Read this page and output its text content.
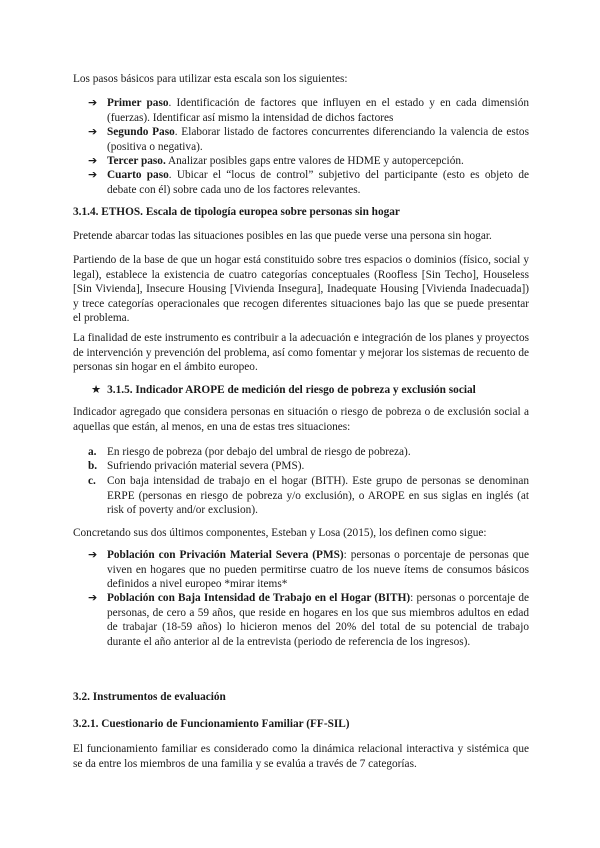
Los pasos básicos para utilizar esta escala son los siguientes:

➔ Primer paso. Identificación de factores que influyen en el estado y en cada dimensión (fuerzas). Identificar así mismo la intensidad de dichos factores
➔ Segundo Paso. Elaborar listado de factores concurrentes diferenciando la valencia de estos (positiva o negativa).
➔ Tercer paso. Analizar posibles gaps entre valores de HDME y autopercepción.
➔ Cuarto paso. Ubicar el “locus de control” subjetivo del participante (esto es objeto de debate con él) sobre cada uno de los factores relevantes.

3.1.4. ETHOS. Escala de tipología europea sobre personas sin hogar

Pretende abarcar todas las situaciones posibles en las que puede verse una persona sin hogar.

Partiendo de la base de que un hogar está constituido sobre tres espacios o dominios (físico, social y legal), establece la existencia de cuatro categorías conceptuales (Roofless [Sin Techo], Houseless [Sin Vivienda], Insecure Housing [Vivienda Insegura], Inadequate Housing [Vivienda Inadecuada]) y trece categorías operacionales que recogen diferentes situaciones bajo las que se puede presentar el problema.

La finalidad de este instrumento es contribuir a la adecuación e integración de los planes y proyectos de intervención y prevención del problema, así como fomentar y mejorar los sistemas de recuento de personas sin hogar en el ámbito europeo.

★ 3.1.5. Indicador AROPE de medición del riesgo de pobreza y exclusión social

Indicador agregado que considera personas en situación o riesgo de pobreza o de exclusión social a aquellas que están, al menos, en una de estas tres situaciones:

a. En riesgo de pobreza (por debajo del umbral de riesgo de pobreza).
b. Sufriendo privación material severa (PMS).
c. Con baja intensidad de trabajo en el hogar (BITH). Este grupo de personas se denominan ERPE (personas en riesgo de pobreza y/o exclusión), o AROPE en sus siglas en inglés (at risk of poverty and/or exclusion).

Concretando sus dos últimos componentes, Esteban y Losa (2015), los definen como sigue:

➔ Población con Privación Material Severa (PMS): personas o porcentaje de personas que viven en hogares que no pueden permitirse cuatro de los nueve ítems de consumos básicos definidos a nivel europeo *mirar items*
➔ Población con Baja Intensidad de Trabajo en el Hogar (BITH): personas o porcentaje de personas, de cero a 59 años, que reside en hogares en los que sus miembros adultos en edad de trabajar (18-59 años) lo hicieron menos del 20% del total de su potencial de trabajo durante el año anterior al de la entrevista (periodo de referencia de los ingresos).

3.2. Instrumentos de evaluación

3.2.1. Cuestionario de Funcionamiento Familiar (FF-SIL)

El funcionamiento familiar es considerado como la dinámica relacional interactiva y sistémica que se da entre los miembros de una familia y se evalúa a través de 7 categorías.
